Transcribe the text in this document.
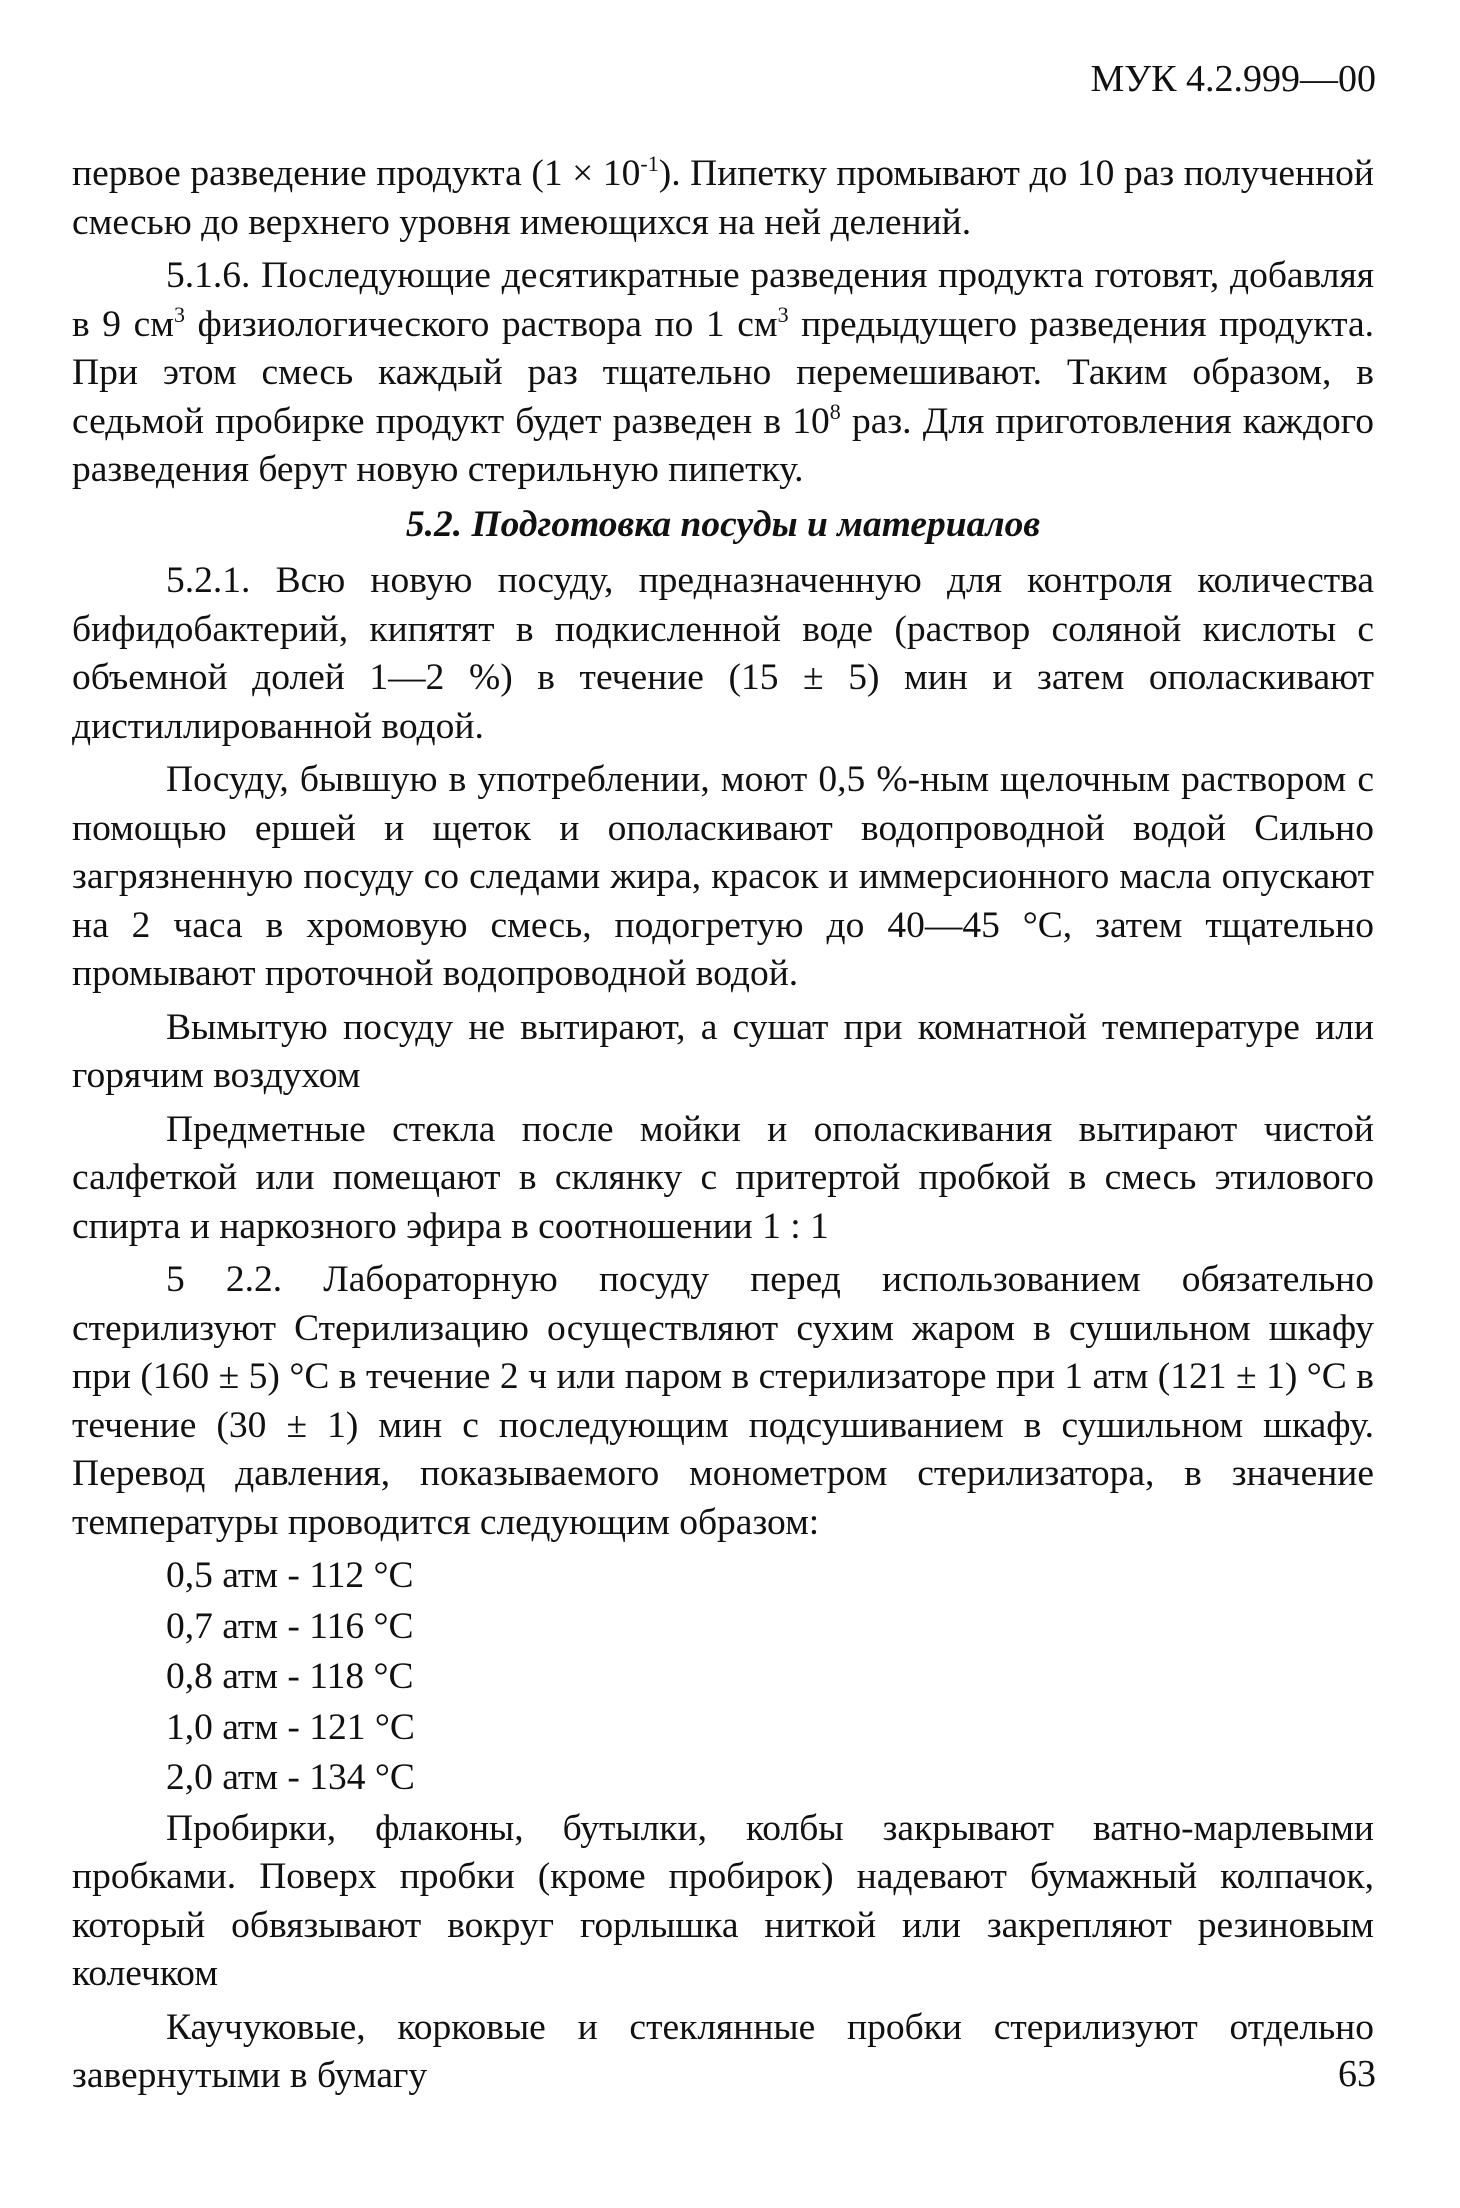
МУК 4.2.999—00

первое разведение продукта $(1 \times 10^{-1})$. Пипетку промывают до 10 раз полученной смесью до верхнего уровня имеющихся на ней делений.

5.1.6. Последующие десятикратные разведения продукта готовят, добавляя в 9 $см^3$ физиологического раствора по 1 $см^3$ предыдущего разведения продукта. При этом смесь каждый раз тщательно перемешивают. Таким образом, в седьмой пробирке продукт будет разведен в $10^8$ раз. Для приготовления каждого разведения берут новую стерильную пипетку.

5.2. Подготовка посуды и материалов

5.2.1. Всю новую посуду, предназначенную для контроля количества бифидобактерий, кипятят в подкисленной воде (раствор соляной кислоты с объемной долей 1—2 %) в течение (15 ± 5) мин и затем ополаскивают дистиллированной водой.

Посуду, бывшую в употреблении, моют 0,5 %-ным щелочным раствором с помощью ершей и щеток и ополаскивают водопроводной водой Сильно загрязненную посуду со следами жира, красок и иммерсионного масла опускают на 2 часа в хромовую смесь, подогретую до 40—45 °С, затем тщательно промывают проточной водопроводной водой.

Вымытую посуду не вытирают, а сушат при комнатной температуре или горячим воздухом

Предметные стекла после мойки и ополаскивания вытирают чистой салфеткой или помещают в склянку с притертой пробкой в смесь этилового спирта и наркозного эфира в соотношении 1 : 1

5 2.2. Лабораторную посуду перед использованием обязательно стерилизуют Стерилизацию осуществляют сухим жаром в сушильном шкафу при (160 ± 5) °С в течение 2 ч или паром в стерилизаторе при 1 атм (121 ± 1) °С в течение (30 ± 1) мин с последующим подсушиванием в сушильном шкафу. Перевод давления, показываемого монометром стерилизатора, в значение температуры проводится следующим образом:

0,5 атм - 112 °С

0,7 атм - 116 °С

0,8 атм - 118 °С

1,0 атм - 121 °С

2,0 атм - 134 °С

Пробирки, флаконы, бутылки, колбы закрывают ватно-марлевыми пробками. Поверх пробки (кроме пробирок) надевают бумажный колпачок, который обвязывают вокруг горлышка ниткой или закрепляют резиновым колечком

Каучуковые, корковые и стеклянные пробки стерилизуют отдельно завернутыми в бумагу	63
